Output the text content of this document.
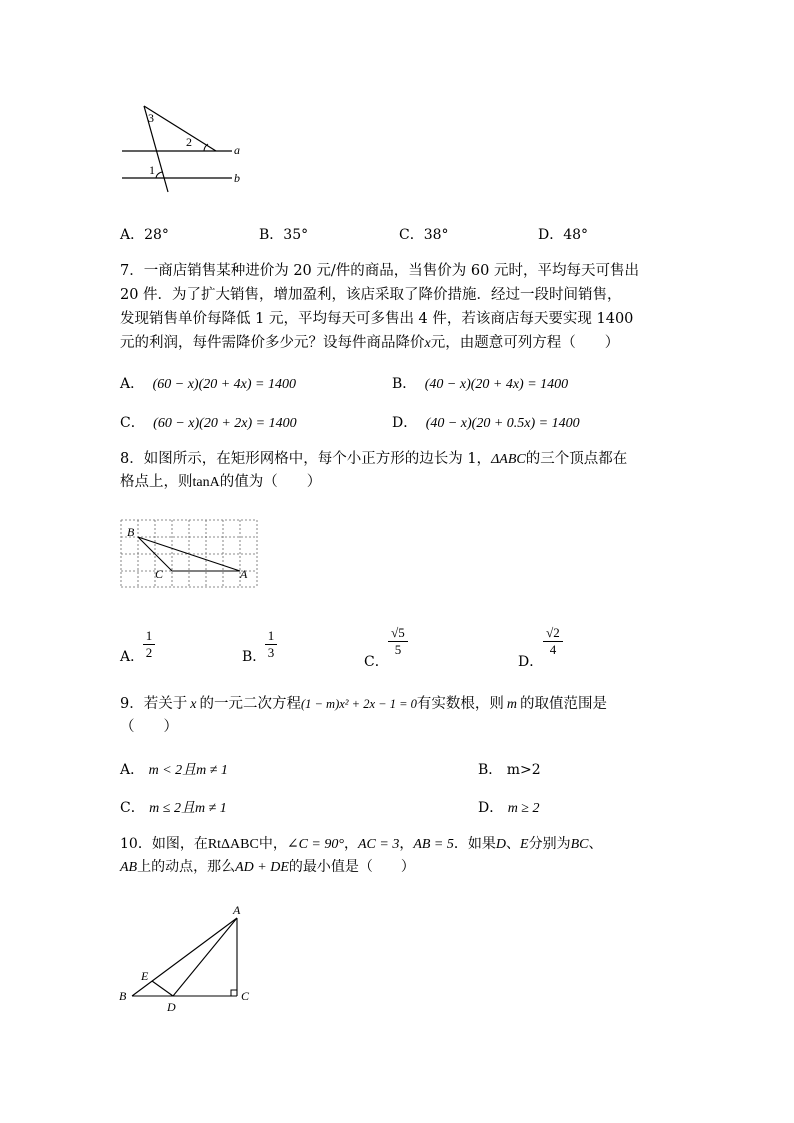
3
2
1
a
b
A．28°	B．35°	C．38°	D．48°
7．一商店销售某种进价为 20 元/件的商品，当售价为 60 元时，平均每天可售出
20 件．为了扩大销售，增加盈利，该店采取了降价措施．经过一段时间销售，
发现销售单价每降低 1 元，平均每天可多售出 4 件，若该商店每天要实现 1400
元的利润，每件需降价多少元？设每件商品降价x元，由题意可列方程（　　）
A． (60 − x)(20 + 4x) = 1400	B． (40 − x)(20 + 4x) = 1400
C． (60 − x)(20 + 2x) = 1400	D． (40 − x)(20 + 0.5x) = 1400
8．如图所示，在矩形网格中，每个小正方形的边长为 1，ΔABC的三个顶点都在
格点上，则tanA的值为（　　）
B
C	A
A．
1
2	B．
1
3
C．
√5
5
D．
√2
4
9．若关于 x 的一元二次方程(1 − m)x² + 2x − 1 = 0有实数根，则 m 的取值范围是
（　　）
A． m < 2且m ≠ 1	B． m>2
C． m ≤ 2且m ≠ 1	D． m ≥ 2
10．如图，在RtΔABC中，∠C = 90°，AC = 3，AB = 5．如果D、E分别为BC、
AB上的动点，那么AD + DE的最小值是（　　）
A
E
B
D
C
